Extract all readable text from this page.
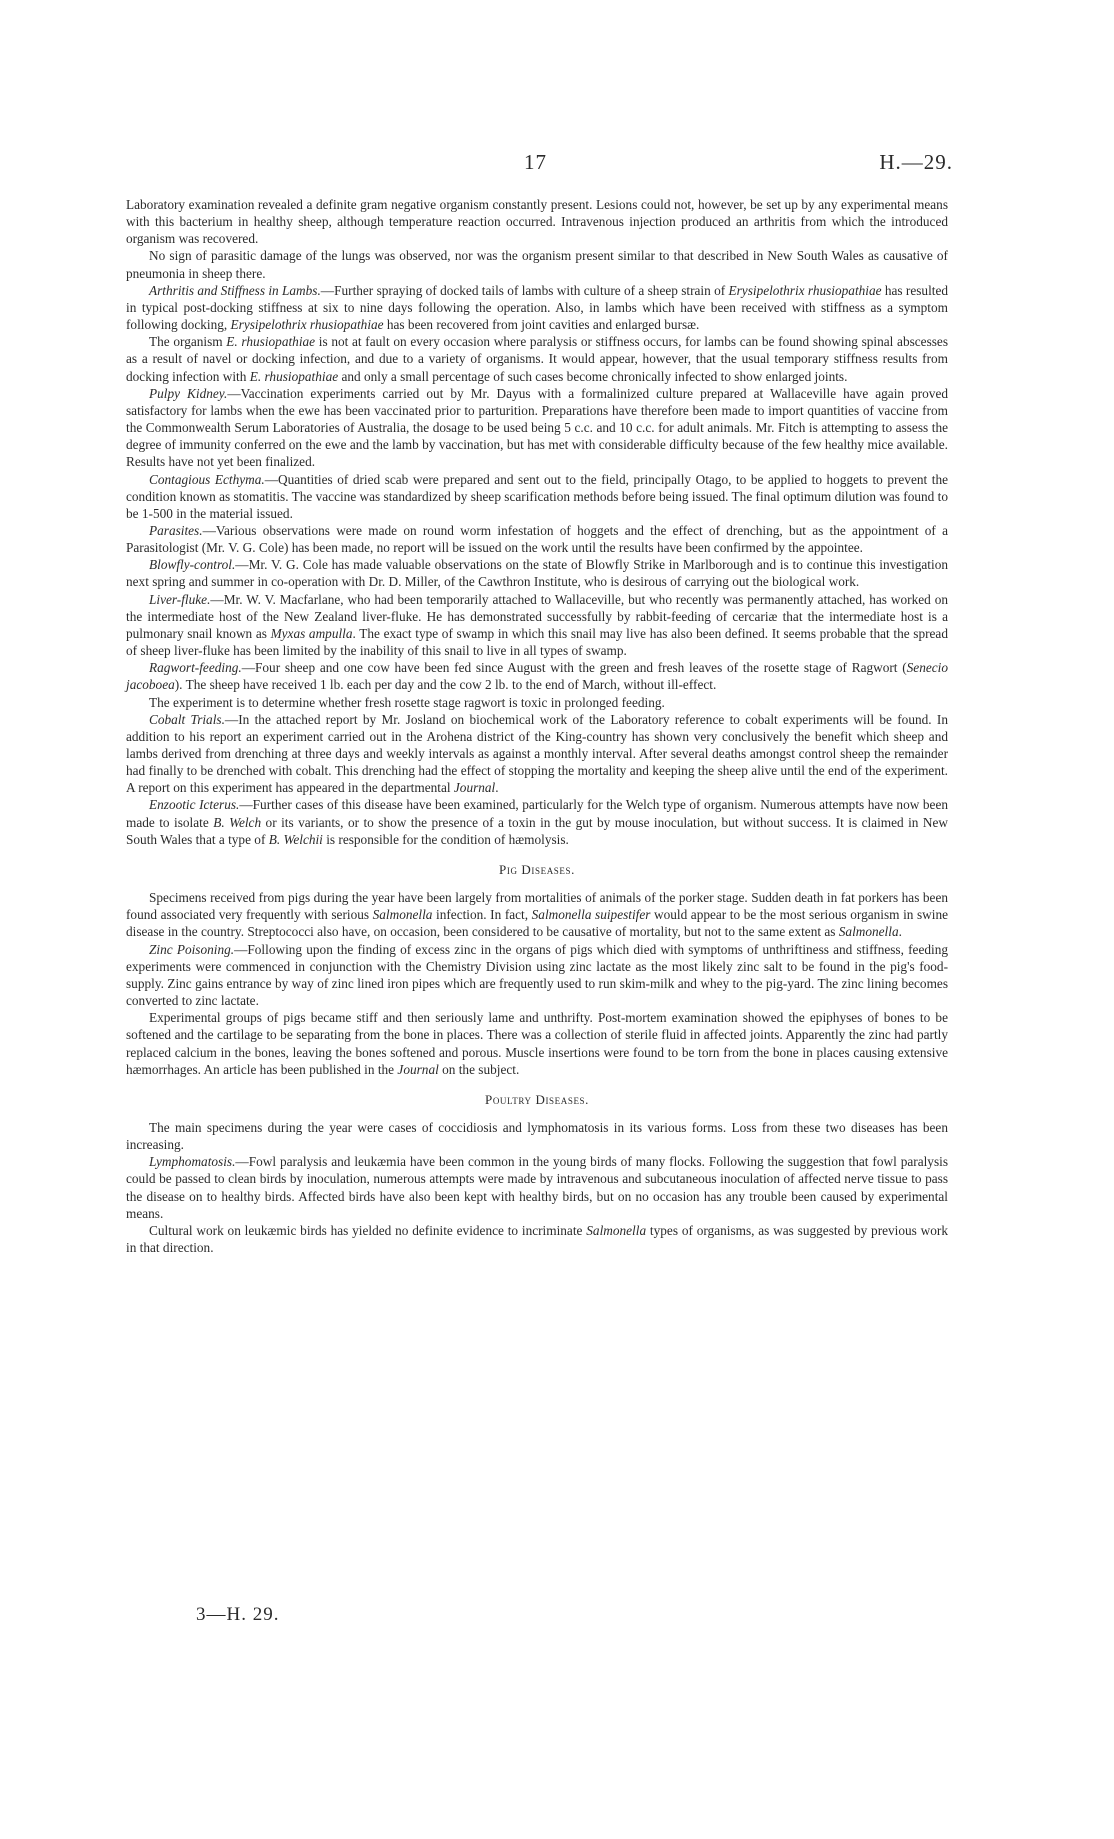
17	H.—29.

Laboratory examination revealed a definite gram negative organism constantly present. Lesions could not, however, be set up by any experimental means with this bacterium in healthy sheep, although temperature reaction occurred. Intravenous injection produced an arthritis from which the introduced organism was recovered.

No sign of parasitic damage of the lungs was observed, nor was the organism present similar to that described in New South Wales as causative of pneumonia in sheep there.

Arthritis and Stiffness in Lambs.—Further spraying of docked tails of lambs with culture of a sheep strain of Erysipelothrix rhusiopathiae has resulted in typical post-docking stiffness at six to nine days following the operation. Also, in lambs which have been received with stiffness as a symptom following docking, Erysipelothrix rhusiopathiae has been recovered from joint cavities and enlarged bursæ.

The organism E. rhusiopathiae is not at fault on every occasion where paralysis or stiffness occurs, for lambs can be found showing spinal abscesses as a result of navel or docking infection, and due to a variety of organisms. It would appear, however, that the usual temporary stiffness results from docking infection with E. rhusiopathiae and only a small percentage of such cases become chronically infected to show enlarged joints.

Pulpy Kidney.—Vaccination experiments carried out by Mr. Dayus with a formalinized culture prepared at Wallaceville have again proved satisfactory for lambs when the ewe has been vaccinated prior to parturition. Preparations have therefore been made to import quantities of vaccine from the Commonwealth Serum Laboratories of Australia, the dosage to be used being 5 c.c. and 10 c.c. for adult animals. Mr. Fitch is attempting to assess the degree of immunity conferred on the ewe and the lamb by vaccination, but has met with considerable difficulty because of the few healthy mice available. Results have not yet been finalized.

Contagious Ecthyma.—Quantities of dried scab were prepared and sent out to the field, principally Otago, to be applied to hoggets to prevent the condition known as stomatitis. The vaccine was standardized by sheep scarification methods before being issued. The final optimum dilution was found to be 1-500 in the material issued.

Parasites.—Various observations were made on round worm infestation of hoggets and the effect of drenching, but as the appointment of a Parasitologist (Mr. V. G. Cole) has been made, no report will be issued on the work until the results have been confirmed by the appointee.

Blowfly-control.—Mr. V. G. Cole has made valuable observations on the state of Blowfly Strike in Marlborough and is to continue this investigation next spring and summer in co-operation with Dr. D. Miller, of the Cawthron Institute, who is desirous of carrying out the biological work.

Liver-fluke.—Mr. W. V. Macfarlane, who had been temporarily attached to Wallaceville, but who recently was permanently attached, has worked on the intermediate host of the New Zealand liver-fluke. He has demonstrated successfully by rabbit-feeding of cercariæ that the intermediate host is a pulmonary snail known as Myxas ampulla. The exact type of swamp in which this snail may live has also been defined. It seems probable that the spread of sheep liver-fluke has been limited by the inability of this snail to live in all types of swamp.

Ragwort-feeding.—Four sheep and one cow have been fed since August with the green and fresh leaves of the rosette stage of Ragwort (Senecio jacoboea). The sheep have received 1 lb. each per day and the cow 2 lb. to the end of March, without ill-effect.

The experiment is to determine whether fresh rosette stage ragwort is toxic in prolonged feeding.

Cobalt Trials.—In the attached report by Mr. Josland on biochemical work of the Laboratory reference to cobalt experiments will be found. In addition to his report an experiment carried out in the Arohena district of the King-country has shown very conclusively the benefit which sheep and lambs derived from drenching at three days and weekly intervals as against a monthly interval. After several deaths amongst control sheep the remainder had finally to be drenched with cobalt. This drenching had the effect of stopping the mortality and keeping the sheep alive until the end of the experiment. A report on this experiment has appeared in the departmental Journal.

Enzootic Icterus.—Further cases of this disease have been examined, particularly for the Welch type of organism. Numerous attempts have now been made to isolate B. Welch or its variants, or to show the presence of a toxin in the gut by mouse inoculation, but without success. It is claimed in New South Wales that a type of B. Welchii is responsible for the condition of hæmolysis.

Pig Diseases.

Specimens received from pigs during the year have been largely from mortalities of animals of the porker stage. Sudden death in fat porkers has been found associated very frequently with serious Salmonella infection. In fact, Salmonella suipestifer would appear to be the most serious organism in swine disease in the country. Streptococci also have, on occasion, been considered to be causative of mortality, but not to the same extent as Salmonella.

Zinc Poisoning.—Following upon the finding of excess zinc in the organs of pigs which died with symptoms of unthriftiness and stiffness, feeding experiments were commenced in conjunction with the Chemistry Division using zinc lactate as the most likely zinc salt to be found in the pig's food-supply. Zinc gains entrance by way of zinc lined iron pipes which are frequently used to run skim-milk and whey to the pig-yard. The zinc lining becomes converted to zinc lactate.

Experimental groups of pigs became stiff and then seriously lame and unthrifty. Post-mortem examination showed the epiphyses of bones to be softened and the cartilage to be separating from the bone in places. There was a collection of sterile fluid in affected joints. Apparently the zinc had partly replaced calcium in the bones, leaving the bones softened and porous. Muscle insertions were found to be torn from the bone in places causing extensive hæmorrhages. An article has been published in the Journal on the subject.

Poultry Diseases.

The main specimens during the year were cases of coccidiosis and lymphomatosis in its various forms. Loss from these two diseases has been increasing.

Lymphomatosis.—Fowl paralysis and leukæmia have been common in the young birds of many flocks. Following the suggestion that fowl paralysis could be passed to clean birds by inoculation, numerous attempts were made by intravenous and subcutaneous inoculation of affected nerve tissue to pass the disease on to healthy birds. Affected birds have also been kept with healthy birds, but on no occasion has any trouble been caused by experimental means.

Cultural work on leukæmic birds has yielded no definite evidence to incriminate Salmonella types of organisms, as was suggested by previous work in that direction.

3—H. 29.
